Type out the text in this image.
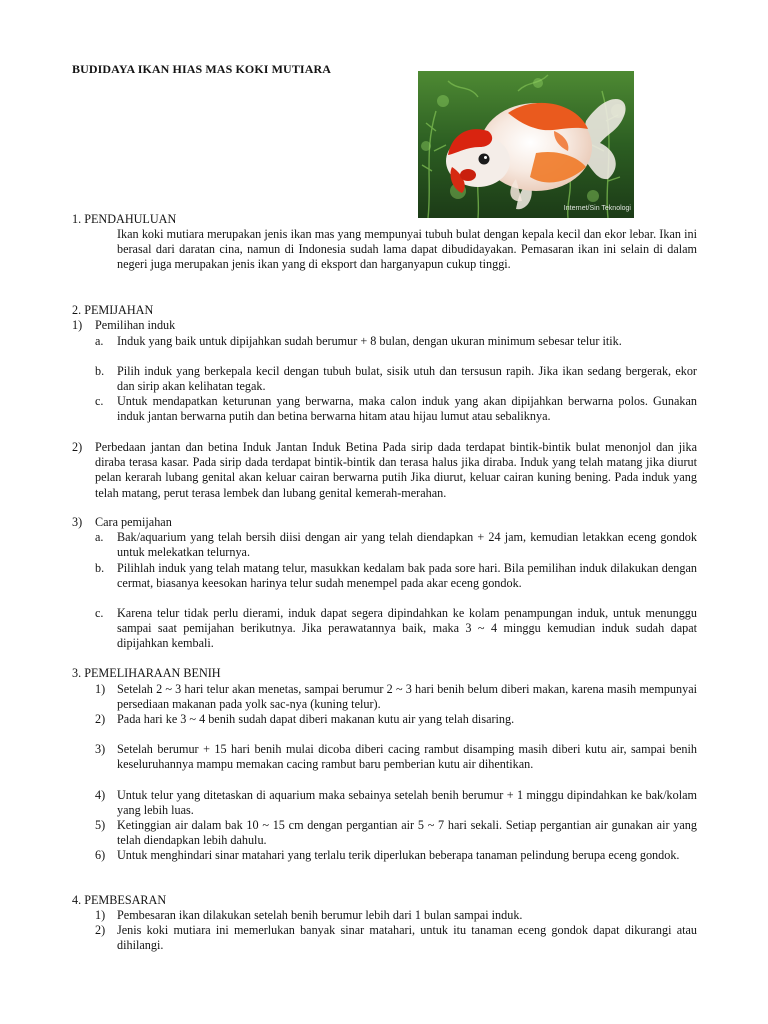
BUDIDAYA IKAN HIAS MAS KOKI MUTIARA
Internet/Sin Teknologi
1. PENDAHULUAN

Ikan koki mutiara merupakan jenis ikan mas yang mempunyai tubuh bulat dengan kepala kecil dan ekor lebar. Ikan ini berasal dari daratan cina, namun di Indonesia sudah lama dapat dibudidayakan. Pemasaran ikan ini selain di dalam negeri juga merupakan jenis ikan yang di eksport dan harganyapun cukup tinggi.

2. PEMIJAHAN
1) Pemilihan induk
a. Induk yang baik untuk dipijahkan sudah berumur + 8 bulan, dengan ukuran minimum sebesar telur itik.

b. Pilih induk yang berkepala kecil dengan tubuh bulat, sisik utuh dan tersusun rapih. Jika ikan sedang bergerak, ekor dan sirip akan kelihatan tegak.

c. Untuk mendapatkan keturunan yang berwarna, maka calon induk yang akan dipijahkan berwarna polos. Gunakan induk jantan berwarna putih dan betina berwarna hitam atau hijau lumut atau sebaliknya.

2) Perbedaan jantan dan betina Induk Jantan Induk Betina Pada sirip dada terdapat bintik-bintik bulat menonjol dan jika diraba terasa kasar. Pada sirip dada terdapat bintik-bintik dan terasa halus jika diraba. Induk yang telah matang jika diurut pelan kerarah lubang genital akan keluar cairan berwarna putih Jika diurut, keluar cairan kuning bening. Pada induk yang telah matang, perut terasa lembek dan lubang genital kemerah-merahan.

3) Cara pemijahan
a. Bak/aquarium yang telah bersih diisi dengan air yang telah diendapkan + 24 jam, kemudian letakkan eceng gondok untuk melekatkan telurnya.

b. Pilihlah induk yang telah matang telur, masukkan kedalam bak pada sore hari. Bila pemilihan induk dilakukan dengan cermat, biasanya keesokan harinya telur sudah menempel pada akar eceng gondok.

c. Karena telur tidak perlu dierami, induk dapat segera dipindahkan ke kolam penampungan induk, untuk menunggu sampai saat pemijahan berikutnya. Jika perawatannya baik, maka 3 ~ 4 minggu kemudian induk sudah dapat dipijahkan kembali.

3. PEMELIHARAAN BENIH
1) Setelah 2 ~ 3 hari telur akan menetas, sampai berumur 2 ~ 3 hari benih belum diberi makan, karena masih mempunyai persediaan makanan pada yolk sac-nya (kuning telur).

2) Pada hari ke 3 ~ 4 benih sudah dapat diberi makanan kutu air yang telah disaring.

3) Setelah berumur + 15 hari benih mulai dicoba diberi cacing rambut disamping masih diberi kutu air, sampai benih keseluruhannya mampu memakan cacing rambut baru pemberian kutu air dihentikan.

4) Untuk telur yang ditetaskan di aquarium maka sebainya setelah benih berumur + 1 minggu dipindahkan ke bak/kolam yang lebih luas.

5) Ketinggian air dalam bak 10 ~ 15 cm dengan pergantian air 5 ~ 7 hari sekali. Setiap pergantian air gunakan air yang telah diendapkan lebih dahulu.

6) Untuk menghindari sinar matahari yang terlalu terik diperlukan beberapa tanaman pelindung berupa eceng gondok.

4. PEMBESARAN
1) Pembesaran ikan dilakukan setelah benih berumur lebih dari 1 bulan sampai induk.

2) Jenis koki mutiara ini memerlukan banyak sinar matahari, untuk itu tanaman eceng gondok dapat dikurangi atau dihilangi.
